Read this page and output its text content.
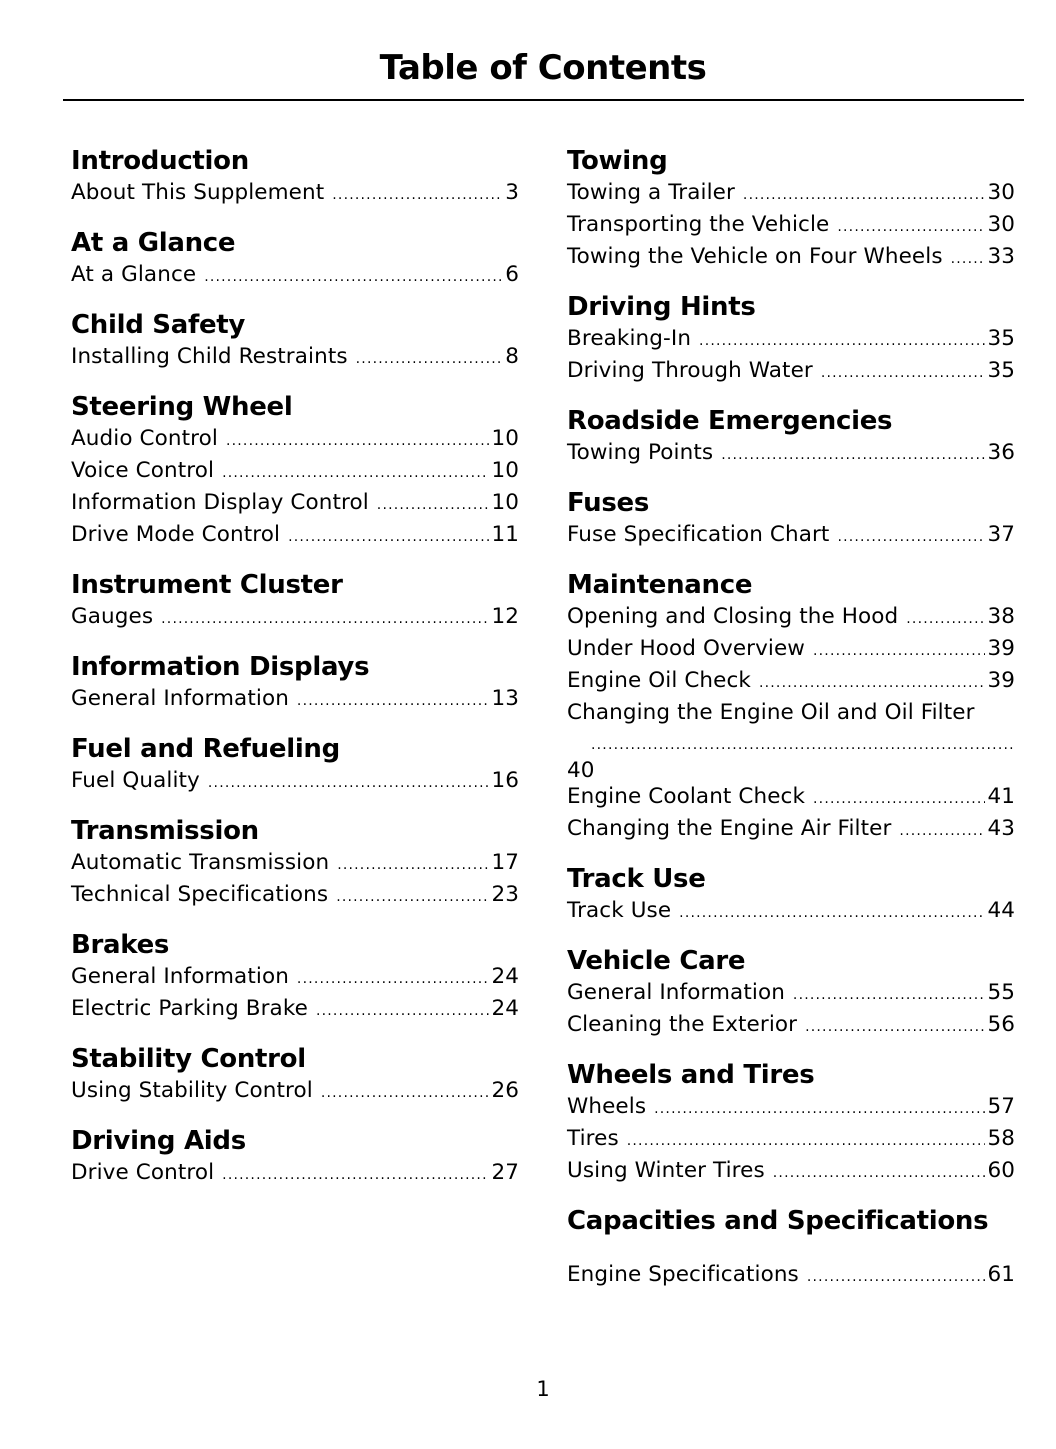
Table of Contents
Introduction
About This Supplement .....	3
At a Glance
At a Glance .....	6
Child Safety
Installing Child Restraints .....	8
Steering Wheel
Audio Control .....	10
Voice Control .....	10
Information Display Control .....	10
Drive Mode Control .....	11
Instrument Cluster
Gauges .....	12
Information Displays
General Information .....	13
Fuel and Refueling
Fuel Quality .....	16
Transmission
Automatic Transmission .....	17
Technical Specifications .....	23
Brakes
General Information .....	24
Electric Parking Brake .....	24
Stability Control
Using Stability Control .....	26
Driving Aids
Drive Control .....	27
Towing
Towing a Trailer .....	30
Transporting the Vehicle .....	30
Towing the Vehicle on Four Wheels ..... 33
Driving Hints
Breaking-In .....	35
Driving Through Water .....	35
Roadside Emergencies
Towing Points .....	36
Fuses
Fuse Specification Chart .....	37
Maintenance
Opening and Closing the Hood .....	38
Under Hood Overview .....	39
Engine Oil Check .....	39
Changing the Engine Oil and Oil Filter
.....
40
Engine Coolant Check .....	41
Changing the Engine Air Filter .....	43
Track Use
Track Use .....	44
Vehicle Care
General Information .....	55
Cleaning the Exterior .....	56
Wheels and Tires
Wheels .....	57
Tires .....	58
Using Winter Tires .....	60
Capacities and Specifications
Engine Specifications .....	61
1
